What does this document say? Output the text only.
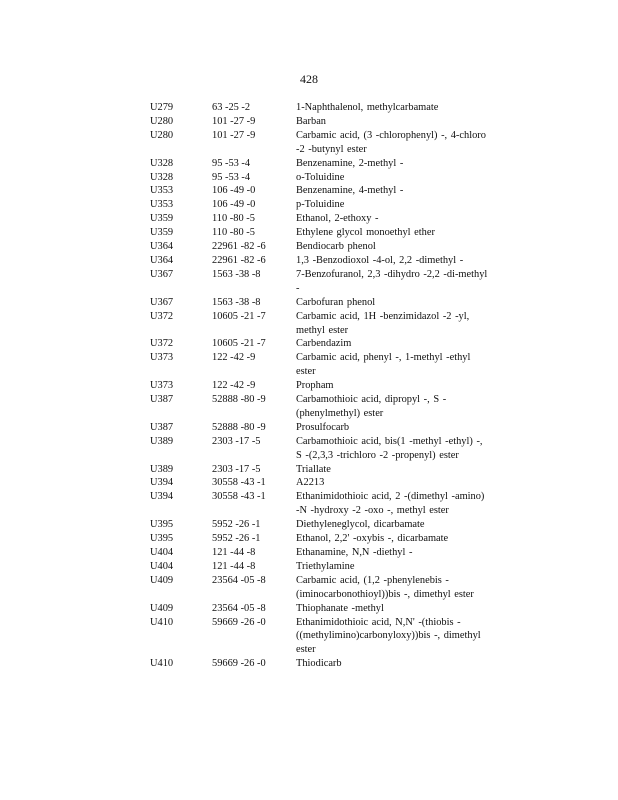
428
U279	63 -25 -2	1-Naphthalenol, methylcarbamate
U280	101 -27 -9	Barban
U280	101 -27 -9	Carbamic acid, (3 -chlorophenyl) -, 4-chloro -2 -butynyl ester
U328	95 -53 -4	Benzenamine, 2-methyl -
U328	95 -53 -4	o-Toluidine
U353	106 -49 -0	Benzenamine, 4-methyl -
U353	106 -49 -0	p-Toluidine
U359	110 -80 -5	Ethanol, 2-ethoxy -
U359	110 -80 -5	Ethylene glycol monoethyl ether
U364	22961 -82 -6	Bendiocarb phenol
U364	22961 -82 -6	1,3 -Benzodioxol -4-ol, 2,2 -dimethyl -
U367	1563 -38 -8	7-Benzofuranol, 2,3 -dihydro -2,2 -di-methyl -
U367	1563 -38 -8	Carbofuran phenol
U372	10605 -21 -7	Carbamic acid, 1H -benzimidazol -2 -yl, methyl ester
U372	10605 -21 -7	Carbendazim
U373	122 -42 -9	Carbamic acid, phenyl -, 1-methyl -ethyl ester
U373	122 -42 -9	Propham
U387	52888 -80 -9	Carbamothioic acid, dipropyl -, S -(phenylmethyl) ester
U387	52888 -80 -9	Prosulfocarb
U389	2303 -17 -5	Carbamothioic acid, bis(1 -methyl -ethyl) -, S -(2,3,3 -trichloro -2 -propenyl) ester
U389	2303 -17 -5	Triallate
U394	30558 -43 -1	A2213
U394	30558 -43 -1	Ethanimidothioic acid, 2 -(dimethyl -amino) -N -hydroxy -2 -oxo -, methyl ester
U395	5952 -26 -1	Diethyleneglycol, dicarbamate
U395	5952 -26 -1	Ethanol, 2,2' -oxybis -, dicarbamate
U404	121 -44 -8	Ethanamine, N,N -diethyl -
U404	121 -44 -8	Triethylamine
U409	23564 -05 -8	Carbamic acid, (1,2 -phenylenebis -(iminocarbonothioyl))bis -, dimethyl ester
U409	23564 -05 -8	Thiophanate -methyl
U410	59669 -26 -0	Ethanimidothioic acid, N,N' -(thiobis -((methylimino)carbonyloxy))bis -, dimethyl ester
U410	59669 -26 -0	Thiodicarb
